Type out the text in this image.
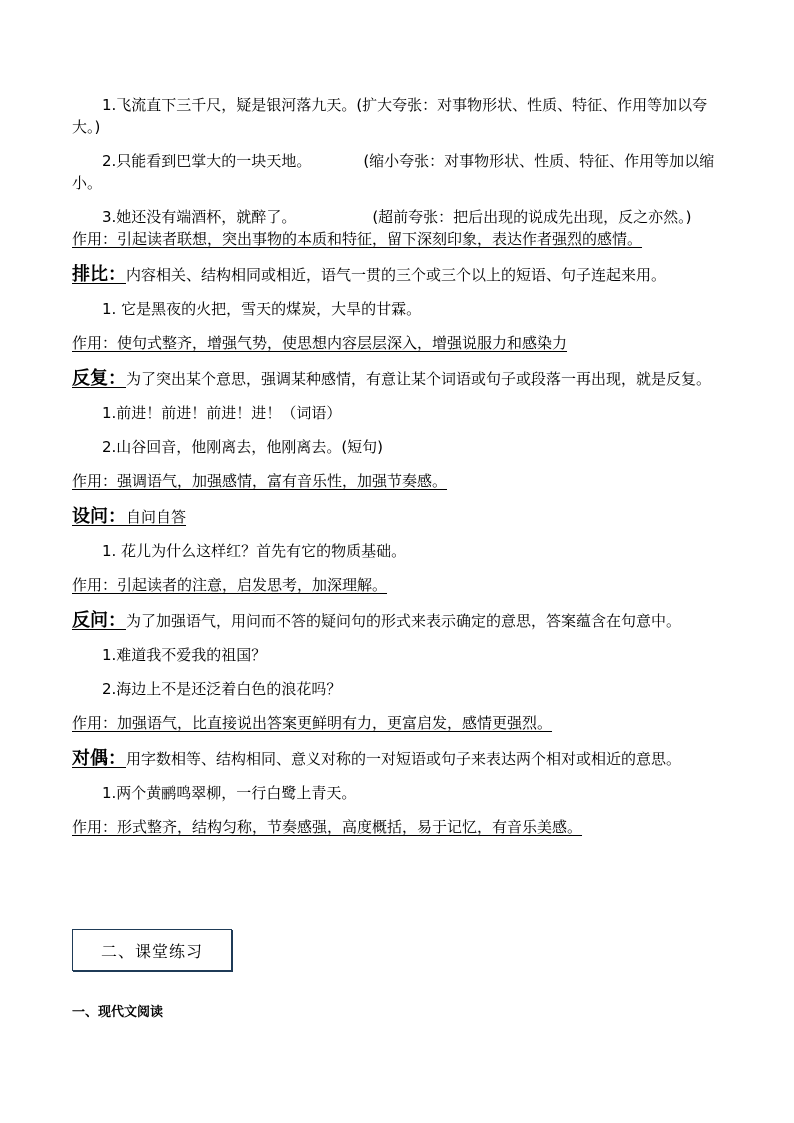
1.飞流直下三千尺，疑是银河落九天。(扩大夸张：对事物形状、性质、特征、作用等加以夸大。)

2.只能看到巴掌大的一块天地。	(缩小夸张：对事物形状、性质、特征、作用等加以缩小。

3.她还没有端酒杯，就醉了。	(超前夸张：把后出现的说成先出现，反之亦然。)

作用：引起读者联想，突出事物的本质和特征，留下深刻印象，表达作者强烈的感情。

排比：内容相关、结构相同或相近，语气一贯的三个或三个以上的短语、句子连起来用。

1. 它是黑夜的火把，雪天的煤炭，大旱的甘霖。

作用：使句式整齐，增强气势，使思想内容层层深入，增强说服力和感染力

反复：为了突出某个意思，强调某种感情，有意让某个词语或句子或段落一再出现，就是反复。

1.前进！前进！前进！进！（词语）

2.山谷回音，他刚离去，他刚离去。(短句)

作用：强调语气，加强感情，富有音乐性，加强节奏感。

设问：自问自答

1. 花儿为什么这样红？首先有它的物质基础。

作用：引起读者的注意，启发思考，加深理解。

反问：为了加强语气，用问而不答的疑问句的形式来表示确定的意思，答案蕴含在句意中。

1.难道我不爱我的祖国？

2.海边上不是还泛着白色的浪花吗？

作用：加强语气，比直接说出答案更鲜明有力，更富启发，感情更强烈。

对偶：用字数相等、结构相同、意义对称的一对短语或句子来表达两个相对或相近的意思。

1.两个黄鹂鸣翠柳，一行白鹭上青天。

作用：形式整齐，结构匀称，节奏感强，高度概括，易于记忆，有音乐美感。

二、课堂练习
一、现代文阅读
